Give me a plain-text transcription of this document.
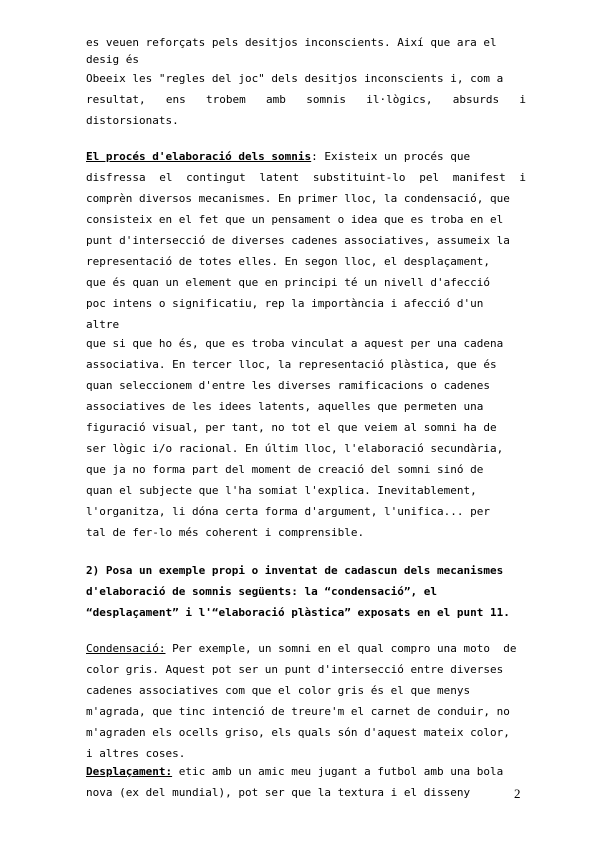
es veuen reforçats pels desitjos inconscients. Així que ara el
desig és
Obeeix les "regles del joc" dels desitjos inconscients i, com a
resultat, ens trobem amb somnis il·lògics, absurds i
distorsionats.
El procés d'elaboració dels somnis: Existeix un procés que
disfressa el contingut latent substituint-lo pel manifest i
comprèn diversos mecanismes. En primer lloc, la condensació, que
consisteix en el fet que un pensament o idea que es troba en el
punt d'intersecció de diverses cadenes associatives, assumeix la
representació de totes elles. En segon lloc, el desplaçament,
que és quan un element que en principi té un nivell d'afecció
poc intens o significatiu, rep la importància i afecció d'un
altre
que si que ho és, que es troba vinculat a aquest per una cadena
associativa. En tercer lloc, la representació plàstica, que és
quan seleccionem d'entre les diverses ramificacions o cadenes
associatives de les idees latents, aquelles que permeten una
figuració visual, per tant, no tot el que veiem al somni ha de
ser lògic i/o racional. En últim lloc, l'elaboració secundària,
que ja no forma part del moment de creació del somni sinó de
quan el subjecte que l'ha somiat l'explica. Inevitablement,
l'organitza, li dóna certa forma d'argument, l'unifica... per
tal de fer-lo més coherent i comprensible.
2) Posa un exemple propi o inventat de cadascun dels mecanismes
d'elaboració de somnis següents: la “condensació”, el
“desplaçament” i l'“elaboració plàstica” exposats en el punt 11.
Condensació: Per exemple, un somni en el qual compro una moto  de
color gris. Aquest pot ser un punt d'intersecció entre diverses
cadenes associatives com que el color gris és el que menys
m'agrada, que tinc intenció de treure'm el carnet de conduir, no
m'agraden els ocells griso, els quals són d'aquest mateix color,
i altres coses.
Desplaçament: etic amb un amic meu jugant a futbol amb una bola
nova (ex del mundial), pot ser que la textura i el disseny	2
